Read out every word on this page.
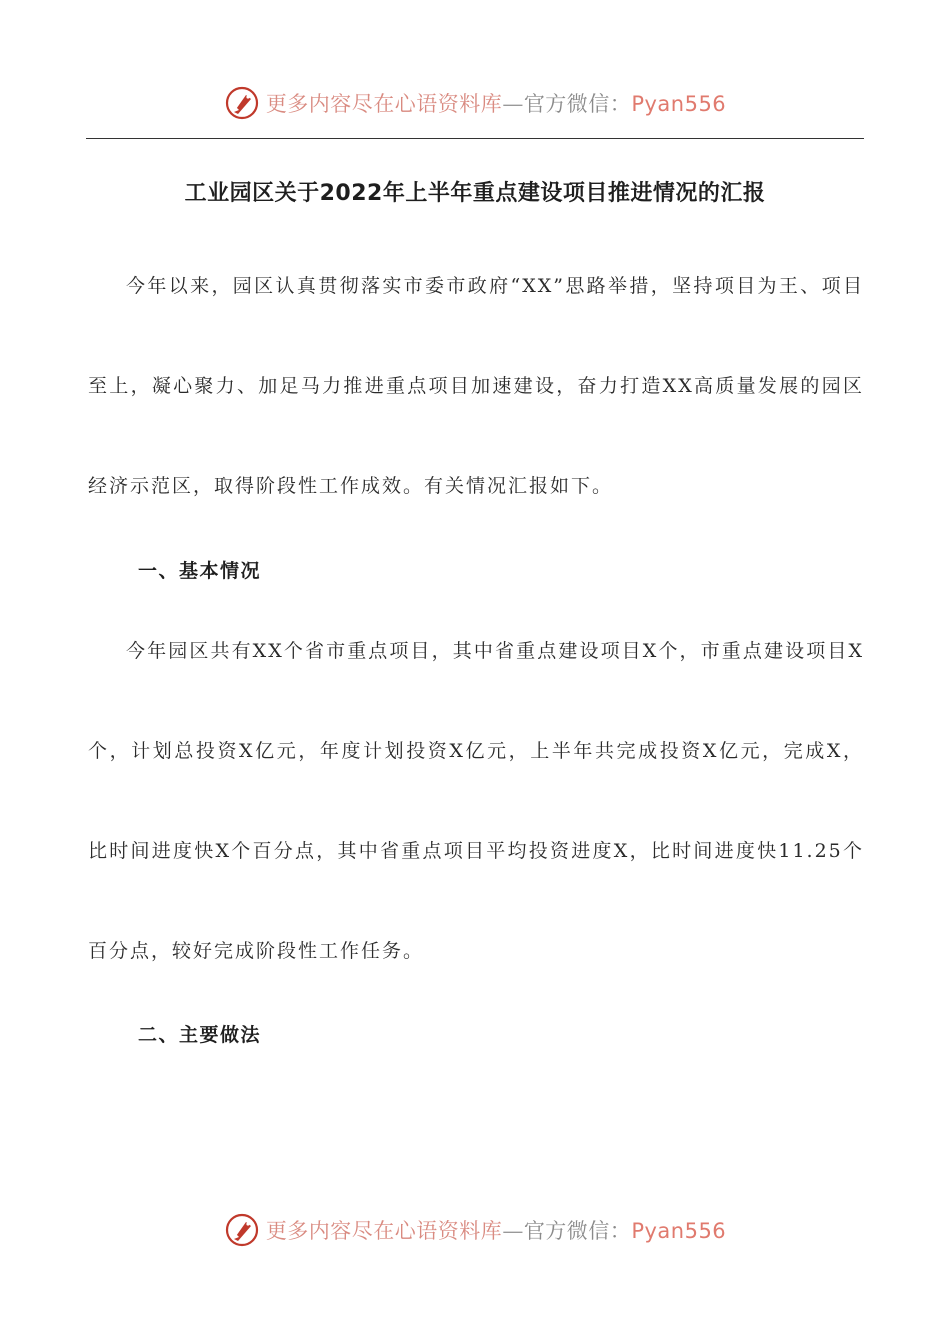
更多内容尽在心语资料库—官方微信：Pyan556
工业园区关于2022年上半年重点建设项目推进情况的汇报

今年以来，园区认真贯彻落实市委市政府“XX”思路举措，坚持项目为王、项目至上，凝心聚力、加足马力推进重点项目加速建设，奋力打造XX高质量发展的园区经济示范区，取得阶段性工作成效。有关情况汇报如下。

一、基本情况

今年园区共有XX个省市重点项目，其中省重点建设项目X个，市重点建设项目X个，计划总投资X亿元，年度计划投资X亿元，上半年共完成投资X亿元，完成X，比时间进度快X个百分点，其中省重点项目平均投资进度X，比时间进度快11.25个百分点，较好完成阶段性工作任务。

二、主要做法
更多内容尽在心语资料库—官方微信：Pyan556
